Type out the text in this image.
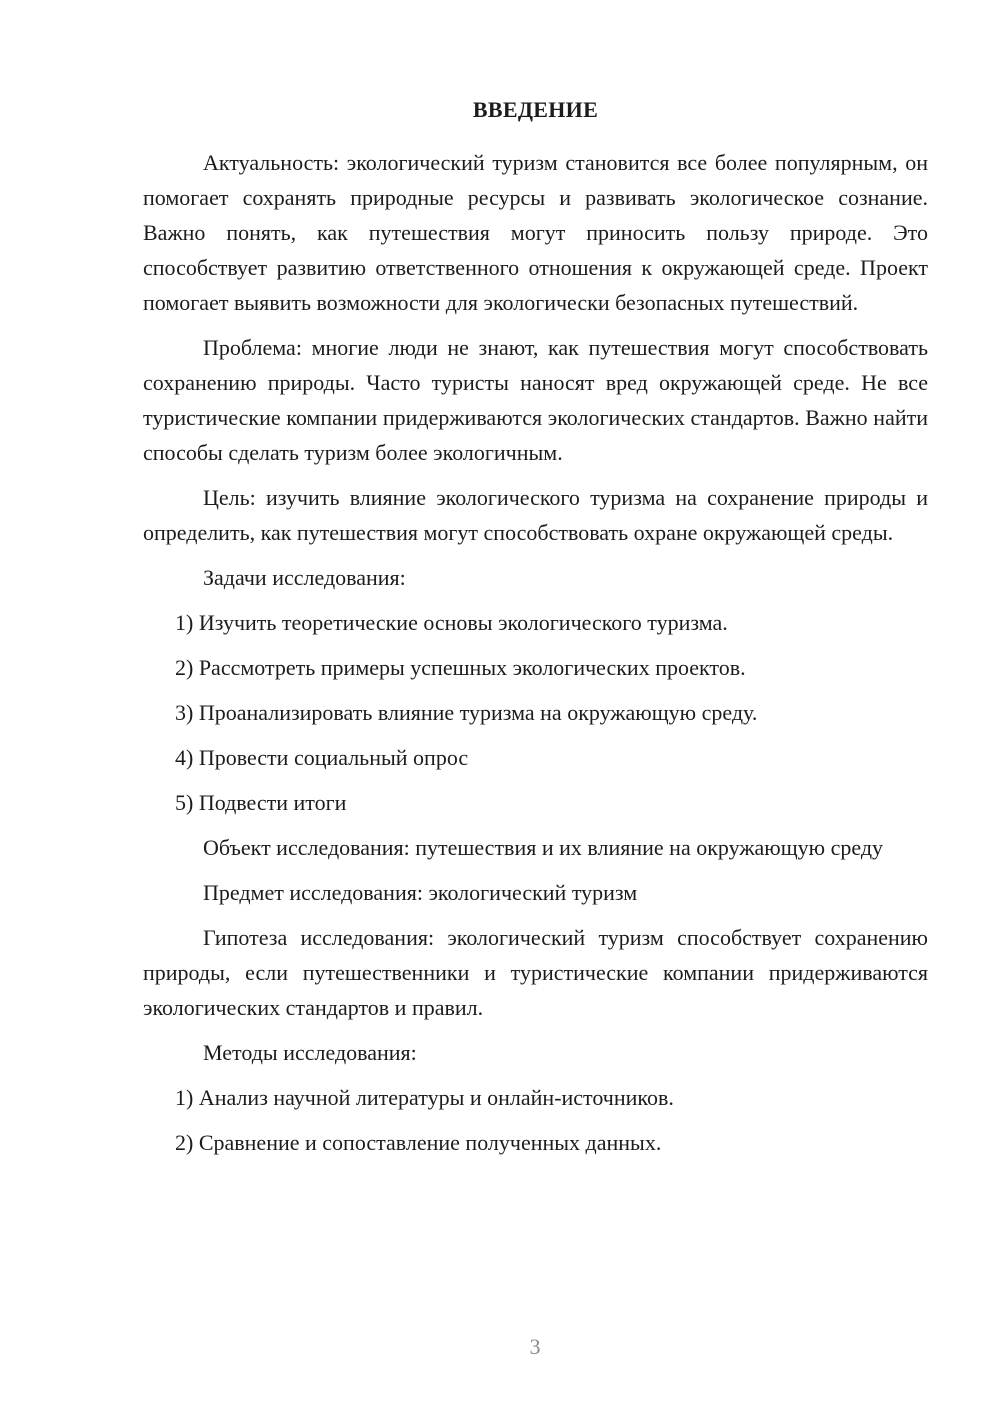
ВВЕДЕНИЕ

Актуальность: экологический туризм становится все более популярным, он помогает сохранять природные ресурсы и развивать экологическое сознание. Важно понять, как путешествия могут приносить пользу природе. Это способствует развитию ответственного отношения к окружающей среде. Проект помогает выявить возможности для экологически безопасных путешествий.

Проблема: многие люди не знают, как путешествия могут способствовать сохранению природы. Часто туристы наносят вред окружающей среде. Не все туристические компании придерживаются экологических стандартов. Важно найти способы сделать туризм более экологичным.

Цель: изучить влияние экологического туризма на сохранение природы и определить, как путешествия могут способствовать охране окружающей среды.

Задачи исследования:

1) Изучить теоретические основы экологического туризма.

2) Рассмотреть примеры успешных экологических проектов.

3) Проанализировать влияние туризма на окружающую среду.

4) Провести социальный опрос

5) Подвести итоги

Объект исследования: путешествия и их влияние на окружающую среду

Предмет исследования: экологический туризм

Гипотеза исследования: экологический туризм способствует сохранению природы, если путешественники и туристические компании придерживаются экологических стандартов и правил.

Методы исследования:

1) Анализ научной литературы и онлайн-источников.

2) Сравнение и сопоставление полученных данных.

3
